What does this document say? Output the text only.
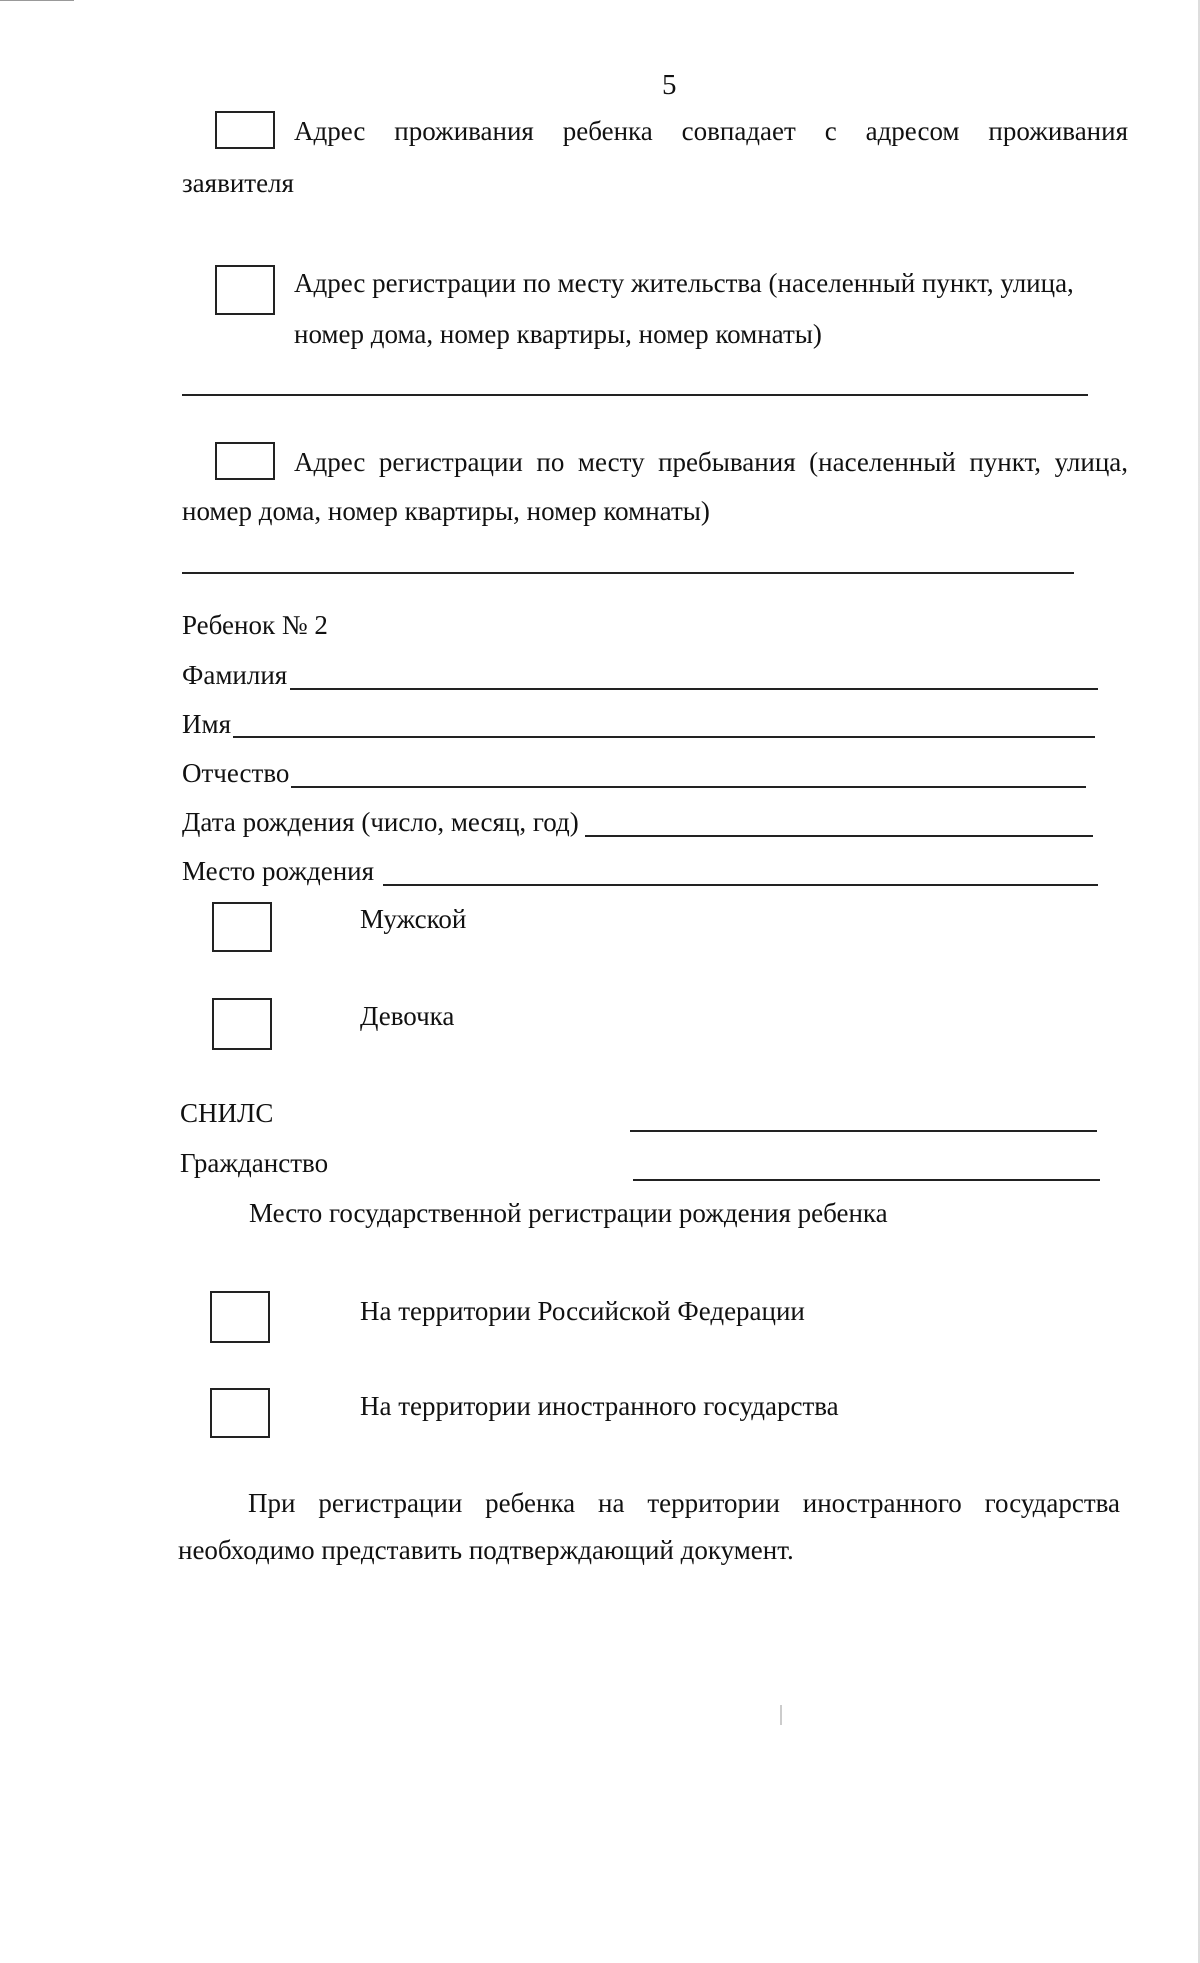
5
Адрес проживания ребенка совпадает с адресом проживания
заявителя
Адрес регистрации по месту жительства (населенный пункт, улица,
номер дома, номер квартиры, номер комнаты)
Адрес регистрации по месту пребывания (населенный пункт, улица,
номер дома, номер квартиры, номер комнаты)
Ребенок № 2
Фамилия
Имя
Отчество
Дата рождения (число, месяц, год)
Место рождения
Мужской
Девочка
СНИЛС
Гражданство
Место государственной регистрации рождения ребенка
На территории Российской Федерации
На территории иностранного государства
При регистрации ребенка на территории иностранного государства
необходимо представить подтверждающий документ.
